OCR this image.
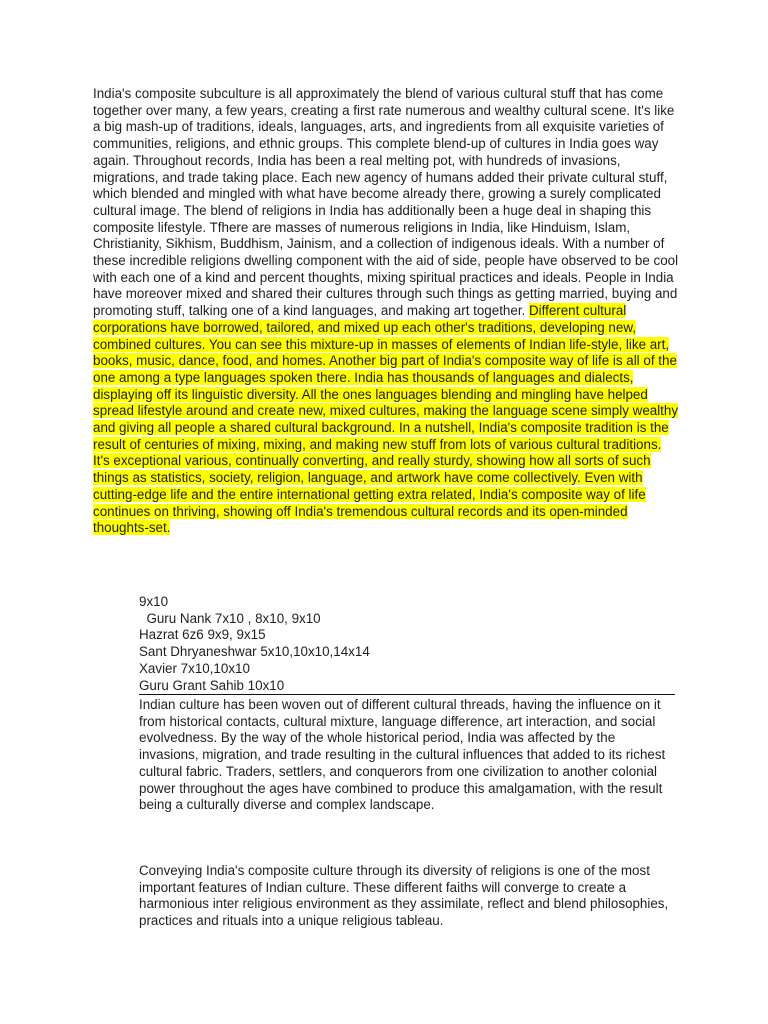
India's composite subculture is all approximately the blend of various cultural stuff that has come together over many, a few years, creating a first rate numerous and wealthy cultural scene. It's like a big mash-up of traditions, ideals, languages, arts, and ingredients from all exquisite varieties of communities, religions, and ethnic groups. This complete blend-up of cultures in India goes way again. Throughout records, India has been a real melting pot, with hundreds of invasions, migrations, and trade taking place. Each new agency of humans added their private cultural stuff, which blended and mingled with what have become already there, growing a surely complicated cultural image. The blend of religions in India has additionally been a huge deal in shaping this composite lifestyle. Tfhere are masses of numerous religions in India, like Hinduism, Islam, Christianity, Sikhism, Buddhism, Jainism, and a collection of indigenous ideals. With a number of these incredible religions dwelling component with the aid of side, people have observed to be cool with each one of a kind and percent thoughts, mixing spiritual practices and ideals. People in India have moreover mixed and shared their cultures through such things as getting married, buying and promoting stuff, talking one of a kind languages, and making art together. Different cultural corporations have borrowed, tailored, and mixed up each other's traditions, developing new, combined cultures. You can see this mixture-up in masses of elements of Indian life-style, like art, books, music, dance, food, and homes. Another big part of India's composite way of life is all of the one among a type languages spoken there. India has thousands of languages and dialects, displaying off its linguistic diversity. All the ones languages blending and mingling have helped spread lifestyle around and create new, mixed cultures, making the language scene simply wealthy and giving all people a shared cultural background. In a nutshell, India's composite tradition is the result of centuries of mixing, mixing, and making new stuff from lots of various cultural traditions. It's exceptional various, continually converting, and really sturdy, showing how all sorts of such things as statistics, society, religion, language, and artwork have come collectively. Even with cutting-edge life and the entire international getting extra related, India's composite way of life continues on thriving, showing off India's tremendous cultural records and its open-minded thoughts-set.

9x10
Guru Nank 7x10 , 8x10, 9x10
Hazrat 6z6 9x9, 9x15
Sant Dhryaneshwar 5x10,10x10,14x14
Xavier 7x10,10x10
Guru Grant Sahib 10x10

Indian culture has been woven out of different cultural threads, having the influence on it from historical contacts, cultural mixture, language difference, art interaction, and social evolvedness. By the way of the whole historical period, India was affected by the invasions, migration, and trade resulting in the cultural influences that added to its richest cultural fabric. Traders, settlers, and conquerors from one civilization to another colonial power throughout the ages have combined to produce this amalgamation, with the result being a culturally diverse and complex landscape.

Conveying India's composite culture through its diversity of religions is one of the most important features of Indian culture. These different faiths will converge to create a harmonious inter religious environment as they assimilate, reflect and blend philosophies, practices and rituals into a unique religious tableau.
